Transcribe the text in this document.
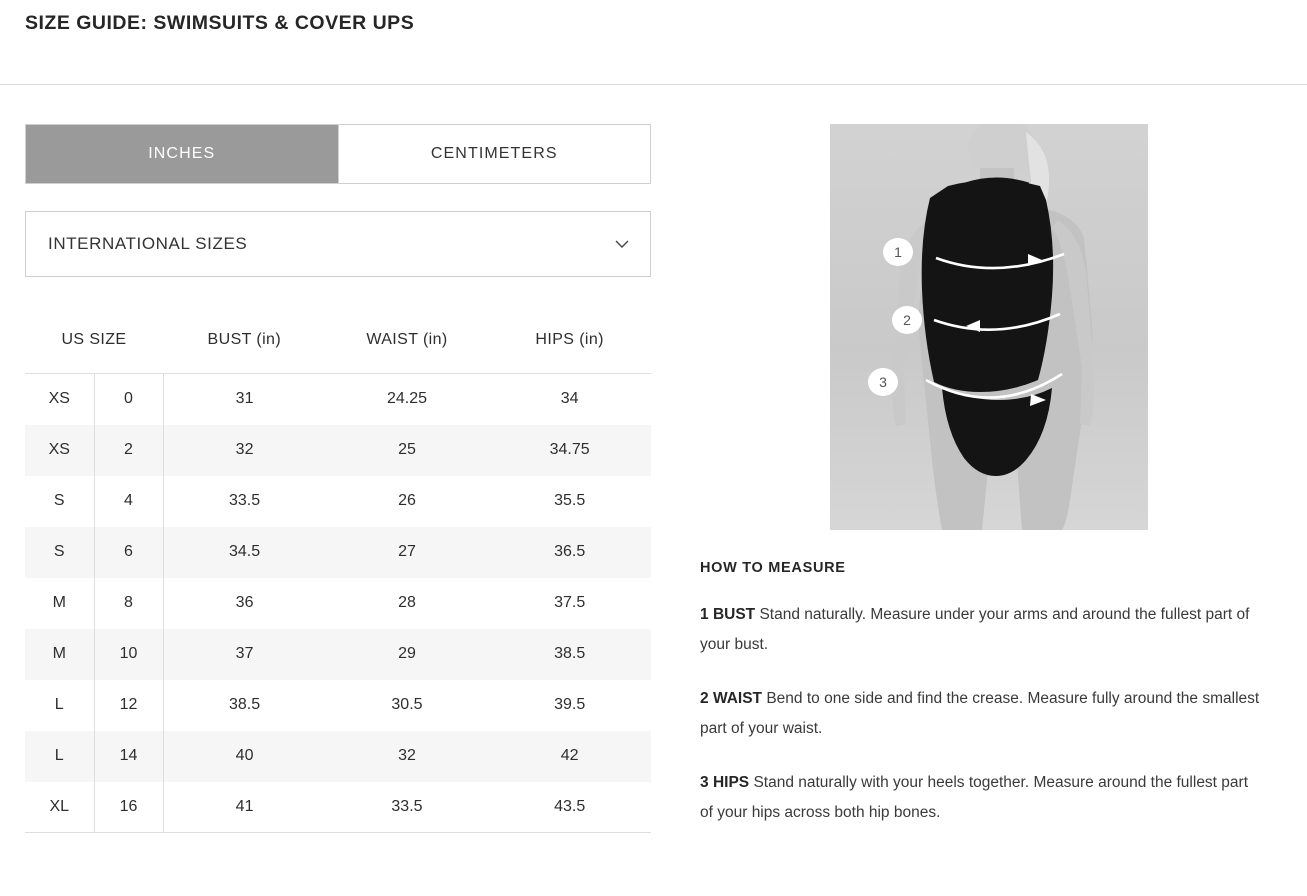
SIZE GUIDE: SWIMSUITS & COVER UPS
INCHES	CENTIMETERS
INTERNATIONAL SIZES
US SIZE		BUST (in)	WAIST (in)	HIPS (in)
XS	0	31	24.25	34
XS	2	32	25	34.75
S	4	33.5	26	35.5
S	6	34.5	27	36.5
M	8	36	28	37.5
M	10	37	29	38.5
L	12	38.5	30.5	39.5
L	14	40	32	42
XL	16	41	33.5	43.5
1
2
3
HOW TO MEASURE

1 BUST Stand naturally. Measure under your arms and around the fullest part of your bust.

2 WAIST Bend to one side and find the crease. Measure fully around the smallest part of your waist.

3 HIPS Stand naturally with your heels together. Measure around the fullest part of your hips across both hip bones.
